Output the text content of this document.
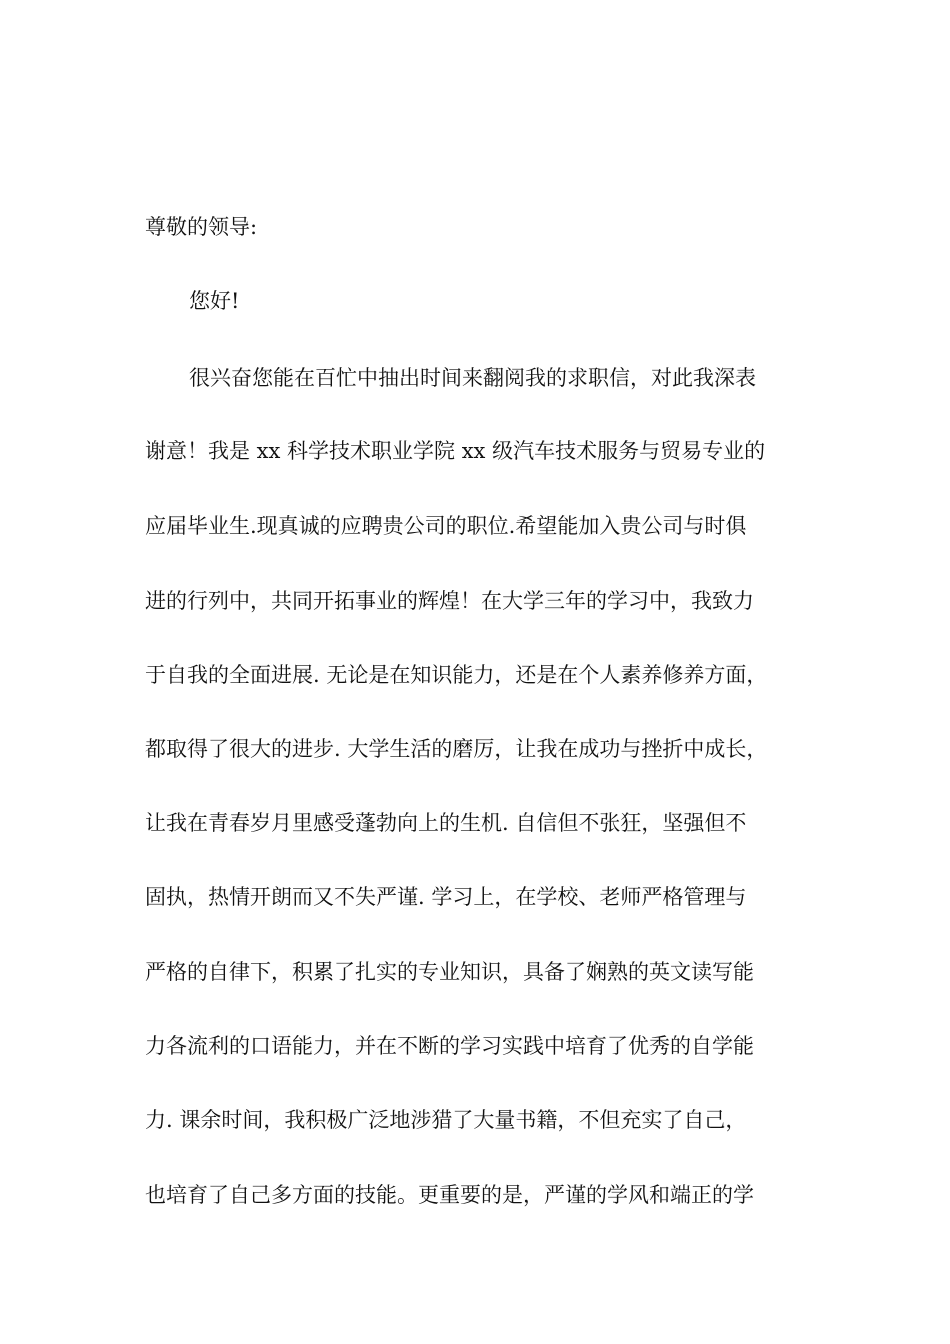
尊敬的领导:
您好!
很兴奋您能在百忙中抽出时间来翻阅我的求职信，对此我深表
谢意！我是 xx 科学技术职业学院 xx 级汽车技术服务与贸易专业的
应届毕业生.现真诚的应聘贵公司的职位.希望能加入贵公司与时俱
进的行列中，共同开拓事业的辉煌！在大学三年的学习中，我致力
于自我的全面进展. 无论是在知识能力，还是在个人素养修养方面，
都取得了很大的进步. 大学生活的磨厉，让我在成功与挫折中成长，
让我在青春岁月里感受蓬勃向上的生机. 自信但不张狂，坚强但不
固执，热情开朗而又不失严谨. 学习上，在学校、老师严格管理与
严格的自律下，积累了扎实的专业知识，具备了娴熟的英文读写能
力各流利的口语能力，并在不断的学习实践中培育了优秀的自学能
力. 课余时间，我积极广泛地涉猎了大量书籍，不但充实了自己，
也培育了自己多方面的技能。更重要的是，严谨的学风和端正的学
